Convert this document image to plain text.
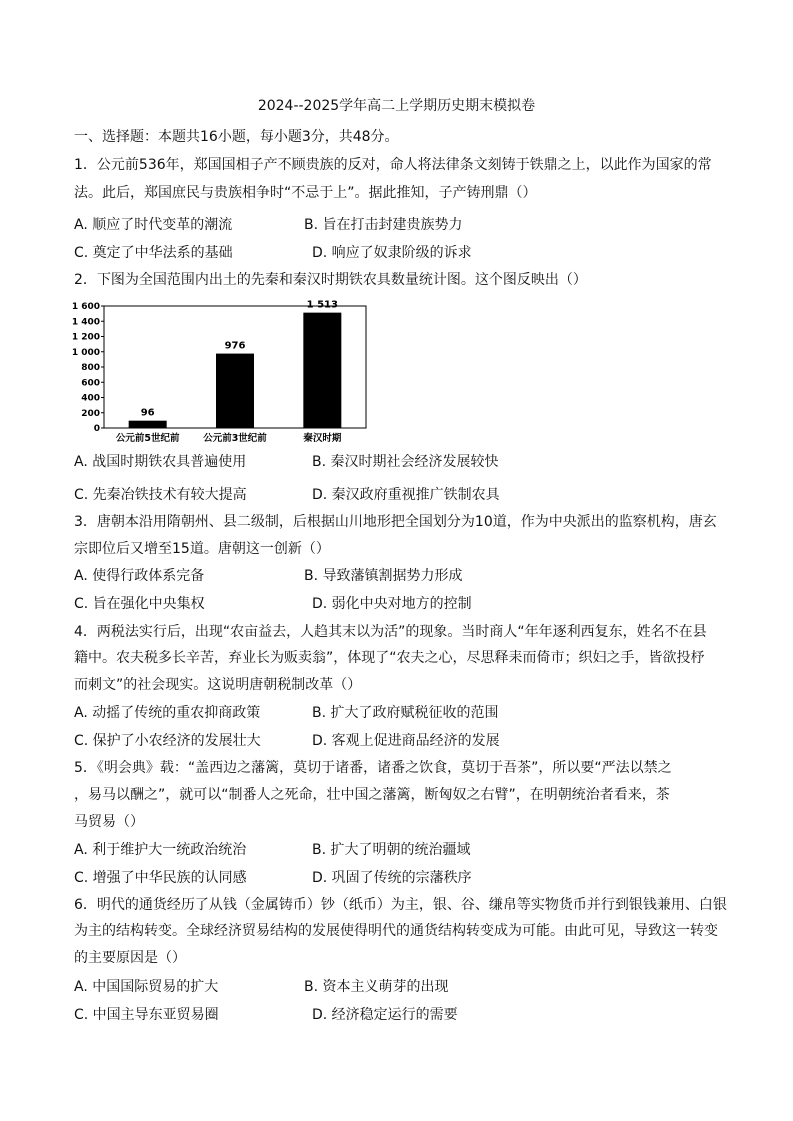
2024--2025学年高二上学期历史期末模拟卷
一、选择题：本题共16小题，每小题3分，共48分。
1．公元前536年，郑国国相子产不顾贵族的反对，命人将法律条文刻铸于铁鼎之上，以此作为国家的常
法。此后，郑国庶民与贵族相争时“不忌于上”。据此推知，子产铸刑鼎（）
A. 顺应了时代变革的潮流	B. 旨在打击封建贵族势力
C. 奠定了中华法系的基础	D. 响应了奴隶阶级的诉求
2．下图为全国范围内出土的先秦和秦汉时期铁农具数量统计图。这个图反映出（）
0
200
400
600
800
1 000
1 200
1 400
1 600
公元前5世纪前 公元前3世纪前	秦汉时期
96
976
1 513
A. 战国时期铁农具普遍使用	B. 秦汉时期社会经济发展较快
C. 先秦冶铁技术有较大提高	D. 秦汉政府重视推广铁制农具
3．唐朝本沿用隋朝州、县二级制，后根据山川地形把全国划分为10道，作为中央派出的监察机构，唐玄
宗即位后又增至15道。唐朝这一创新（）
A. 使得行政体系完备	B. 导致藩镇割据势力形成
C. 旨在强化中央集权	D. 弱化中央对地方的控制
4．两税法实行后，出现“农亩益去，人趋其末以为活”的现象。当时商人“年年逐利西复东，姓名不在县
籍中。农夫税多长辛苦，弃业长为贩卖翁”，体现了“农夫之心，尽思释耒而倚市；织妇之手，皆欲投杼
而刺文”的社会现实。这说明唐朝税制改革（）
A. 动摇了传统的重农抑商政策	B. 扩大了政府赋税征收的范围
C. 保护了小农经济的发展壮大	D. 客观上促进商品经济的发展
5．《明会典》载：“盖西边之藩篱，莫切于诸番，诸番之饮食，莫切于吾茶”，所以要“严法以禁之
，易马以酬之”，就可以“制番人之死命，壮中国之藩篱，断匈奴之右臂”，在明朝统治者看来，茶
马贸易（）
A. 利于维护大一统政治统治	B. 扩大了明朝的统治疆域
C. 增强了中华民族的认同感	D. 巩固了传统的宗藩秩序
6．明代的通货经历了从钱（金属铸币）钞（纸币）为主，银、谷、缣帛等实物货币并行到银钱兼用、白银
为主的结构转变。全球经济贸易结构的发展使得明代的通货结构转变成为可能。由此可见，导致这一转变
的主要原因是（）
A. 中国国际贸易的扩大	B. 资本主义萌芽的出现
C. 中国主导东亚贸易圈	D. 经济稳定运行的需要
